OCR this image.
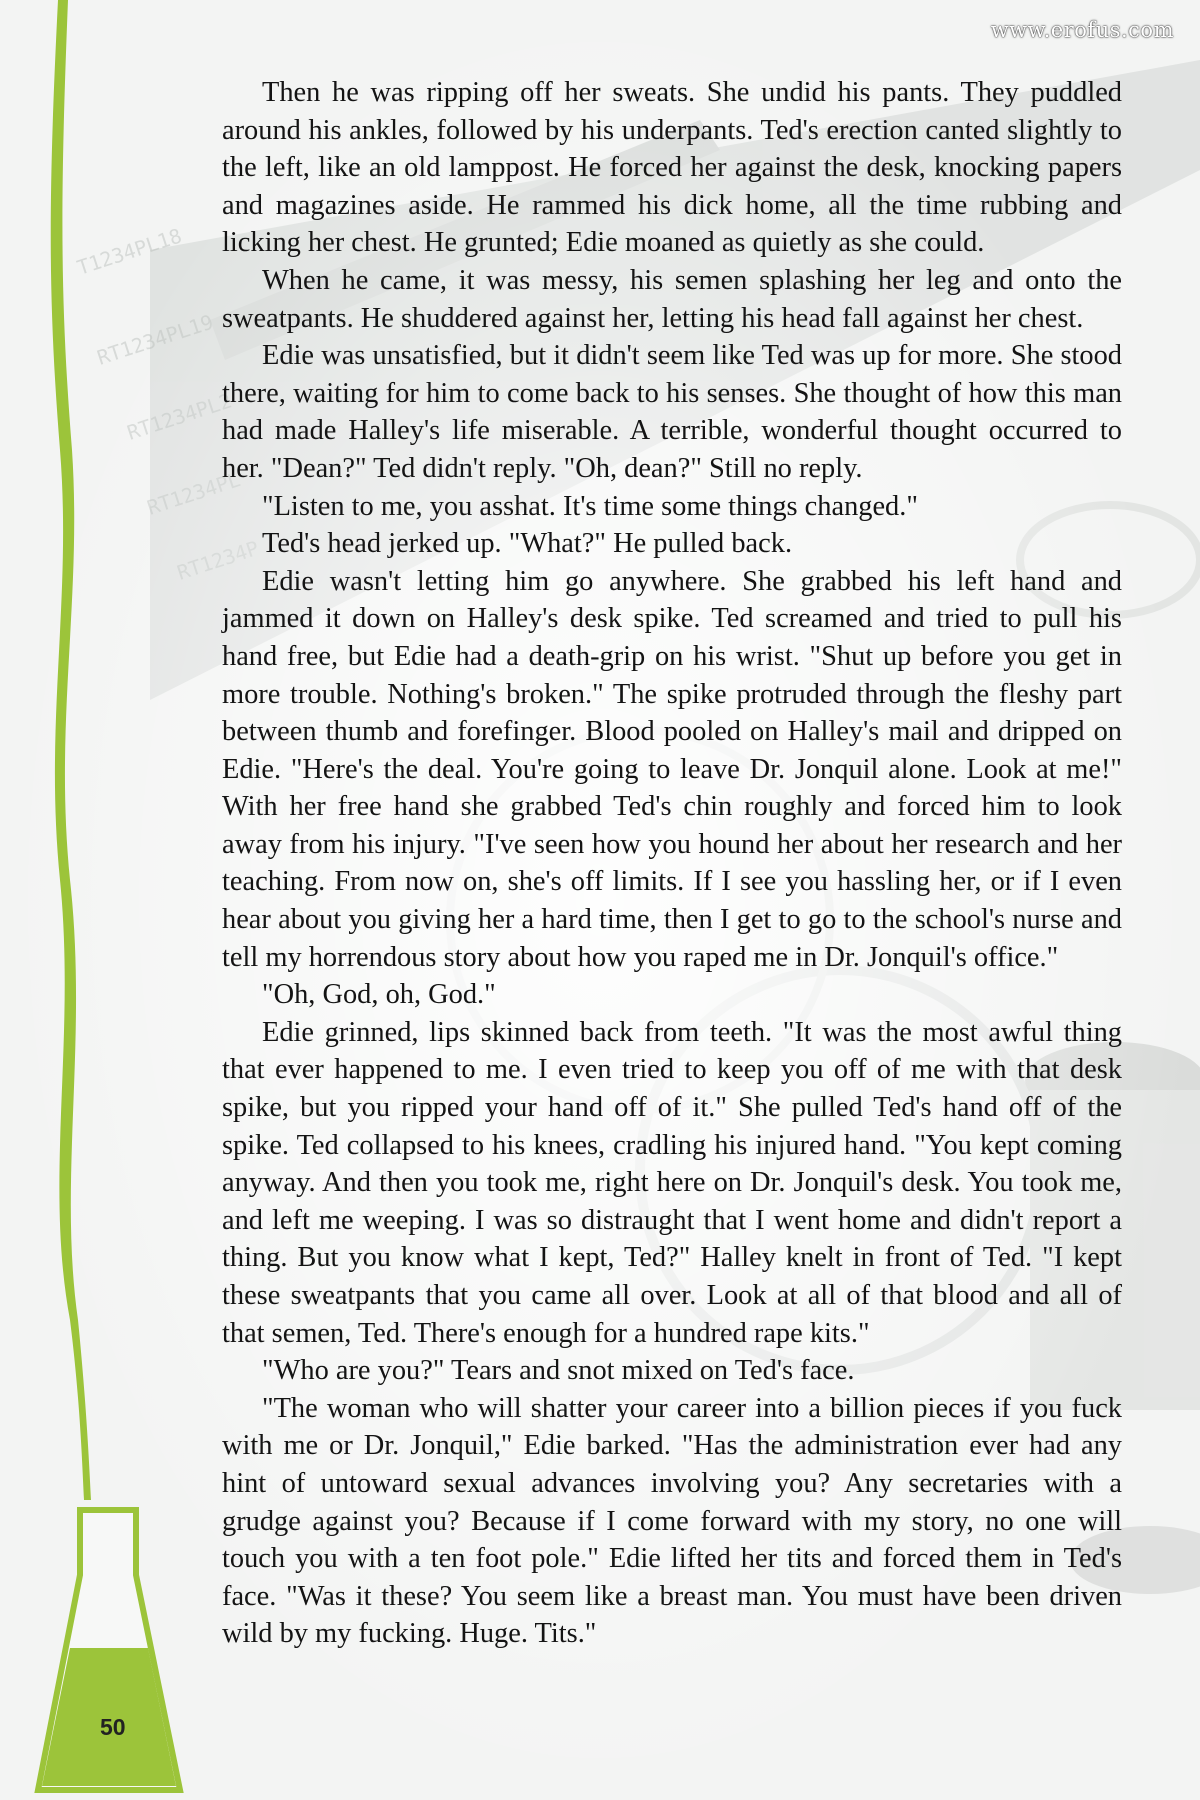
www.erofus.com

Then he was ripping off her sweats. She undid his pants. They puddled around his ankles, followed by his underpants. Ted's erection canted slightly to the left, like an old lamppost. He forced her against the desk, knocking papers and magazines aside. He rammed his dick home, all the time rubbing and licking her chest. He grunted; Edie moaned as quietly as she could.

When he came, it was messy, his semen splashing her leg and onto the sweatpants. He shuddered against her, letting his head fall against her chest.

Edie was unsatisfied, but it didn't seem like Ted was up for more. She stood there, waiting for him to come back to his senses. She thought of how this man had made Halley's life miserable. A terrible, wonderful thought occurred to her. "Dean?" Ted didn't reply. "Oh, dean?" Still no reply.

"Listen to me, you asshat. It's time some things changed."

Ted's head jerked up. "What?" He pulled back.

Edie wasn't letting him go anywhere. She grabbed his left hand and jammed it down on Halley's desk spike. Ted screamed and tried to pull his hand free, but Edie had a death-grip on his wrist. "Shut up before you get in more trouble. Nothing's broken." The spike protruded through the fleshy part between thumb and forefinger. Blood pooled on Halley's mail and dripped on Edie. "Here's the deal. You're going to leave Dr. Jonquil alone. Look at me!" With her free hand she grabbed Ted's chin roughly and forced him to look away from his injury. "I've seen how you hound her about her research and her teaching. From now on, she's off limits. If I see you hassling her, or if I even hear about you giving her a hard time, then I get to go to the school's nurse and tell my horrendous story about how you raped me in Dr. Jonquil's office."

"Oh, God, oh, God."

Edie grinned, lips skinned back from teeth. "It was the most awful thing that ever happened to me. I even tried to keep you off of me with that desk spike, but you ripped your hand off of it." She pulled Ted's hand off of the spike. Ted collapsed to his knees, cradling his injured hand. "You kept coming anyway. And then you took me, right here on Dr. Jonquil's desk. You took me, and left me weeping. I was so distraught that I went home and didn't report a thing. But you know what I kept, Ted?" Halley knelt in front of Ted. "I kept these sweatpants that you came all over. Look at all of that blood and all of that semen, Ted. There's enough for a hundred rape kits."

"Who are you?" Tears and snot mixed on Ted's face.

"The woman who will shatter your career into a billion pieces if you fuck with me or Dr. Jonquil," Edie barked. "Has the administration ever had any hint of untoward sexual advances involving you? Any secretaries with a grudge against you? Because if I come forward with my story, no one will touch you with a ten foot pole." Edie lifted her tits and forced them in Ted's face. "Was it these? You seem like a breast man. You must have been driven wild by my fucking. Huge. Tits."

50
